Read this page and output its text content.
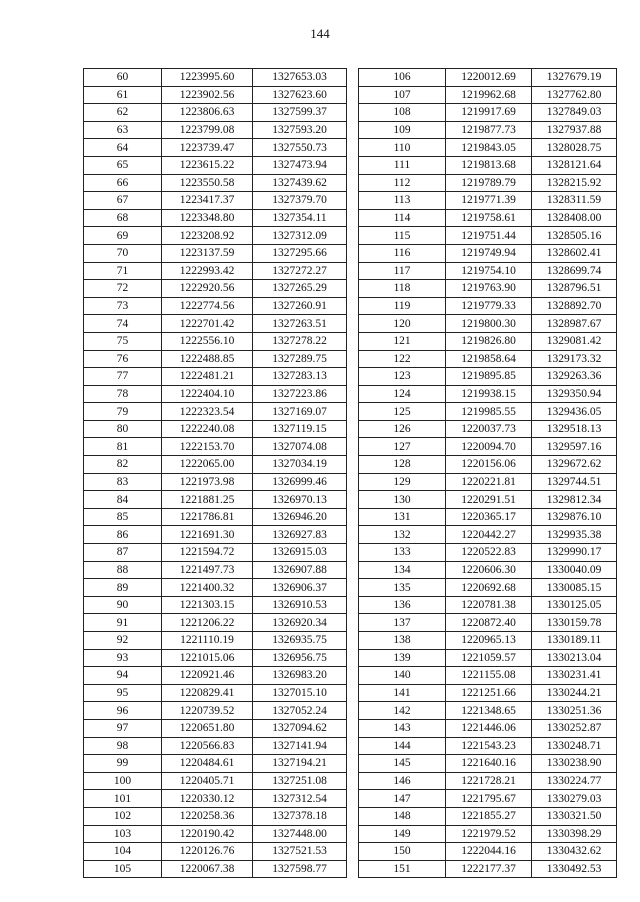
144
60	1223995.60	1327653.03
61	1223902.56	1327623.60
62	1223806.63	1327599.37
63	1223799.08	1327593.20
64	1223739.47	1327550.73
65	1223615.22	1327473.94
66	1223550.58	1327439.62
67	1223417.37	1327379.70
68	1223348.80	1327354.11
69	1223208.92	1327312.09
70	1223137.59	1327295.66
71	1222993.42	1327272.27
72	1222920.56	1327265.29
73	1222774.56	1327260.91
74	1222701.42	1327263.51
75	1222556.10	1327278.22
76	1222488.85	1327289.75
77	1222481.21	1327283.13
78	1222404.10	1327223.86
79	1222323.54	1327169.07
80	1222240.08	1327119.15
81	1222153.70	1327074.08
82	1222065.00	1327034.19
83	1221973.98	1326999.46
84	1221881.25	1326970.13
85	1221786.81	1326946.20
86	1221691.30	1326927.83
87	1221594.72	1326915.03
88	1221497.73	1326907.88
89	1221400.32	1326906.37
90	1221303.15	1326910.53
91	1221206.22	1326920.34
92	1221110.19	1326935.75
93	1221015.06	1326956.75
94	1220921.46	1326983.20
95	1220829.41	1327015.10
96	1220739.52	1327052.24
97	1220651.80	1327094.62
98	1220566.83	1327141.94
99	1220484.61	1327194.21
100	1220405.71	1327251.08
101	1220330.12	1327312.54
102	1220258.36	1327378.18
103	1220190.42	1327448.00
104	1220126.76	1327521.53
105	1220067.38	1327598.77
106	1220012.69	1327679.19
107	1219962.68	1327762.80
108	1219917.69	1327849.03
109	1219877.73	1327937.88
110	1219843.05	1328028.75
111	1219813.68	1328121.64
112	1219789.79	1328215.92
113	1219771.39	1328311.59
114	1219758.61	1328408.00
115	1219751.44	1328505.16
116	1219749.94	1328602.41
117	1219754.10	1328699.74
118	1219763.90	1328796.51
119	1219779.33	1328892.70
120	1219800.30	1328987.67
121	1219826.80	1329081.42
122	1219858.64	1329173.32
123	1219895.85	1329263.36
124	1219938.15	1329350.94
125	1219985.55	1329436.05
126	1220037.73	1329518.13
127	1220094.70	1329597.16
128	1220156.06	1329672.62
129	1220221.81	1329744.51
130	1220291.51	1329812.34
131	1220365.17	1329876.10
132	1220442.27	1329935.38
133	1220522.83	1329990.17
134	1220606.30	1330040.09
135	1220692.68	1330085.15
136	1220781.38	1330125.05
137	1220872.40	1330159.78
138	1220965.13	1330189.11
139	1221059.57	1330213.04
140	1221155.08	1330231.41
141	1221251.66	1330244.21
142	1221348.65	1330251.36
143	1221446.06	1330252.87
144	1221543.23	1330248.71
145	1221640.16	1330238.90
146	1221728.21	1330224.77
147	1221795.67	1330279.03
148	1221855.27	1330321.50
149	1221979.52	1330398.29
150	1222044.16	1330432.62
151	1222177.37	1330492.53
